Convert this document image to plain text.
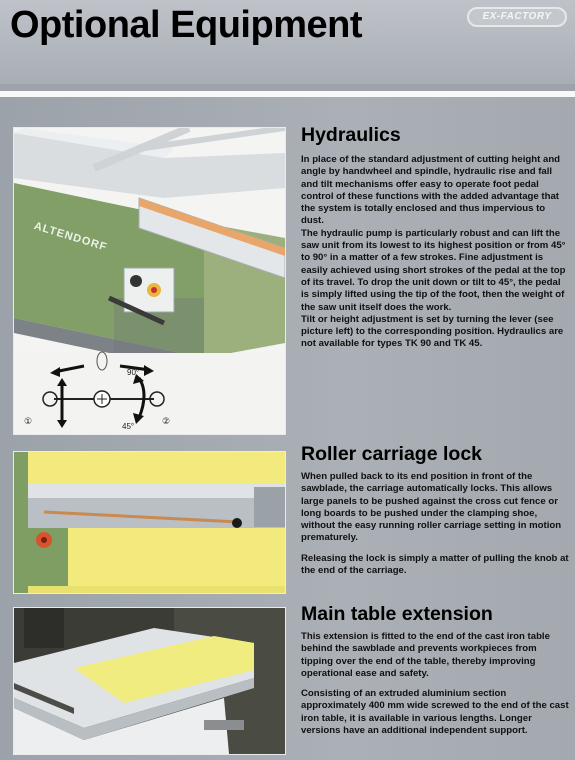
Optional Equipment	EX-FACTORY
ALTENDORF
①	②
90°
45°
Hydraulics

In place of the standard adjustment of cutting height and angle by handwheel and spindle, hydraulic rise and fall and tilt mechanisms offer easy to operate foot pedal control of these functions with the added advantage that the system is totally enclosed and thus impervious to dust.

The hydraulic pump is particularly robust and can lift the saw unit from its lowest to its highest position or from 45° to 90° in a matter of a few strokes. Fine adjustment is easily achieved using short strokes of the pedal at the top of its travel. To drop the unit down or tilt to 45°, the pedal is simply lifted using the tip of the foot, then the weight of the saw unit itself does the work.

Tilt or height adjustment is set by turning the lever (see picture left) to the corresponding position. Hydraulics are not available for types TK 90 and TK 45.

Roller carriage lock

When pulled back to its end position in front of the sawblade, the carriage automatically locks. This allows large panels to be pushed against the cross cut fence or long boards to be pushed under the clamping shoe, without the easy running roller carriage setting in motion prematurely.

Releasing the lock is simply a matter of pulling the knob at the end of the carriage.

Main table extension

This extension is fitted to the end of the cast iron table behind the sawblade and prevents workpieces from tipping over the end of the table, thereby improving operational ease and safety.

Consisting of an extruded aluminium section approximately 400 mm wide screwed to the end of the cast iron table, it is available in various lengths. Longer versions have an additional independent support.
